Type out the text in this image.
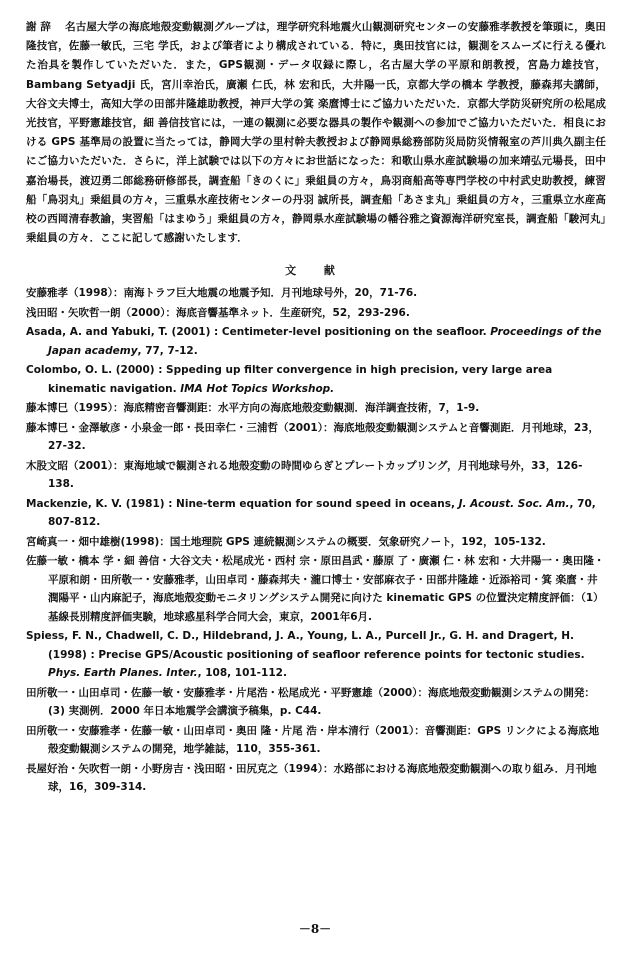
謝 辞 名古屋大学の海底地殻変動観測グループは，理学研究科地震火山観測研究センターの安藤雅孝教授を筆頭に，奥田 隆技官，佐藤一敏氏，三宅 学氏，および筆者により構成されている．特に，奥田技官には，観測をスムーズに行える優れた治具を製作していただいた．また，GPS観測・データ収録に際し，名古屋大学の平原和朗教授，宮島力雄技官，Bambang Setyadji 氏，宮川幸治氏，廣瀬 仁氏，林 宏和氏，大井陽一氏，京都大学の橋本 学教授，藤森邦夫講師，大谷文夫博士，高知大学の田部井隆雄助教授，神戸大学の箕 楽麿博士にご協力いただいた．京都大学防災研究所の松尾成光技官，平野憲雄技官，細 善信技官には，一連の観測に必要な器具の製作や観測への参加でご協力いただいた．相良における GPS 基準局の設置に当たっては，静岡大学の里村幹夫教授および静岡県総務部防災局防災情報室の芦川典久副主任にご協力いただいた．さらに，洋上試験では以下の方々にお世話になった：和歌山県水産試験場の加来靖弘元場長，田中嘉治場長，渡辺勇二郎総務研修部長，調査船「きのくに」乗組員の方々，鳥羽商船高等専門学校の中村武史助教授，練習船「鳥羽丸」乗組員の方々，三重県水産技術センターの丹羽 誠所長，調査船「あさま丸」乗組員の方々，三重県立水産高校の西岡清春教諭，実習船「はまゆう」乗組員の方々，静岡県水産試験場の幡谷雅之資源海洋研究室長，調査船「駿河丸」乗組員の方々．ここに記して感謝いたします．

文 献
安藤雅孝（1998）：南海トラフ巨大地震の地震予知．月刊地球号外，20，71-76.
浅田昭・矢吹哲一朗（2000）：海底音響基準ネット．生産研究，52，293-296.
Asada, A. and Yabuki, T. (2001) : Centimeter-level positioning on the seafloor. Proceedings of the Japan academy, 77, 7-12.
Colombo, O. L. (2000) : Sppeding up filter convergence in high precision, very large area kinematic navigation. IMA Hot Topics Workshop.
藤本博巳（1995）：海底精密音響測距：水平方向の海底地殻変動観測．海洋調査技術，7，1-9.
藤本博巳・金澤敏彦・小泉金一郎・長田幸仁・三浦哲（2001）：海底地殻変動観測システムと音響測距．月刊地球，23，27-32.
木股文昭（2001）：東海地域で観測される地殻変動の時間ゆらぎとプレートカップリング，月刊地球号外，33，126-138.
Mackenzie, K. V. (1981) : Nine-term equation for sound speed in oceans, J. Acoust. Soc. Am., 70, 807-812.
宮崎真一・畑中雄樹(1998)：国土地理院 GPS 連続観測システムの概要．気象研究ノート，192，105-132.
佐藤一敏・橋本 学・細 善信・大谷文夫・松尾成光・西村 宗・原田昌武・藤原 了・廣瀬 仁・林 宏和・大井陽一・奥田隆・平原和朗・田所敬一・安藤雅孝，山田卓司・藤森邦夫・瀧口博士・安部麻衣子・田部井隆雄・近添裕司・箕 楽麿・井潤陽平・山内麻記子，海底地殻変動モニタリングシステム開発に向けた kinematic GPS の位置決定精度評価：（1） 基線長別精度評価実験，地球惑星科学合同大会，東京，2001年6月.
Spiess, F. N., Chadwell, C. D., Hildebrand, J. A., Young, L. A., Purcell Jr., G. H. and Dragert, H. (1998) : Precise GPS/Acoustic positioning of seafloor reference points for tectonic studies. Phys. Earth Planes. Inter., 108, 101-112.
田所敬一・山田卓司・佐藤一敏・安藤雅孝・片尾浩・松尾成光・平野憲雄（2000）：海底地殻変動観測システムの開発：(3) 実測例．2000 年日本地震学会講演予稿集，p. C44.
田所敬一・安藤雅孝・佐藤一敏・山田卓司・奥田 隆・片尾 浩・岸本清行（2001）：音響測距：GPS リンクによる海底地殻変動観測システムの開発，地学雑誌，110，355-361.
長屋好治・矢吹哲一朗・小野房吉・浅田昭・田尻克之（1994）：水路部における海底地殻変動観測への取り組み．月刊地球，16，309-314.
－8－
